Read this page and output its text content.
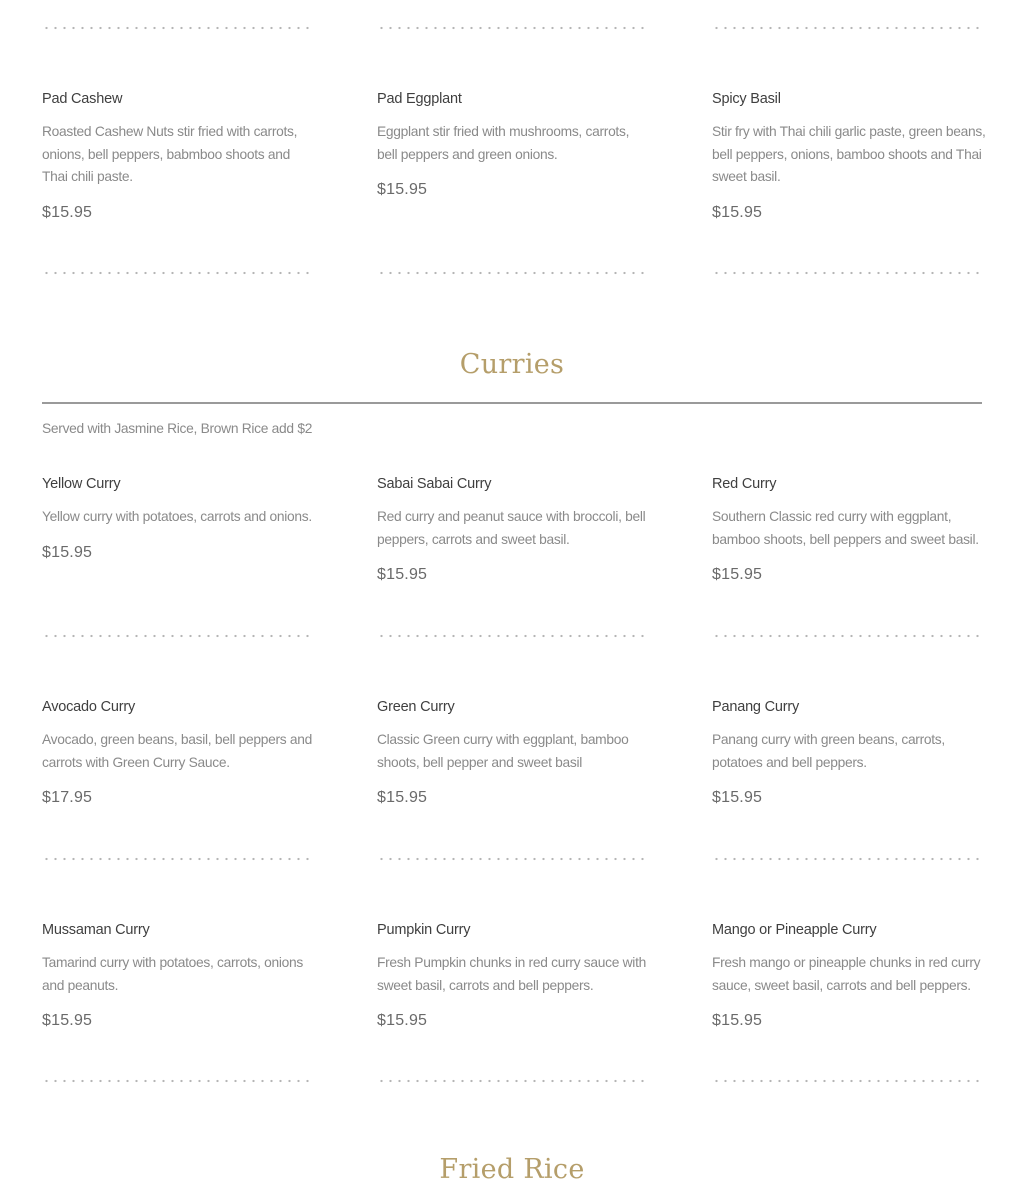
Pad Cashew

Roasted Cashew Nuts stir fried with carrots, onions, bell peppers, babmboo shoots and Thai chili paste.

$15.95

Pad Eggplant

Eggplant stir fried with mushrooms, carrots, bell peppers and green onions.

$15.95

Spicy Basil

Stir fry with Thai chili garlic paste, green beans, bell peppers, onions, bamboo shoots and Thai sweet basil.

$15.95

Curries

Served with Jasmine Rice, Brown Rice add $2

Yellow Curry

Yellow curry with potatoes, carrots and onions.

$15.95

Sabai Sabai Curry

Red curry and peanut sauce with broccoli, bell peppers, carrots and sweet basil.

$15.95

Red Curry

Southern Classic red curry with eggplant, bamboo shoots, bell peppers and sweet basil.

$15.95

Avocado Curry

Avocado, green beans, basil, bell peppers and carrots with Green Curry Sauce.

$17.95

Green Curry

Classic Green curry with eggplant, bamboo shoots, bell pepper and sweet basil

$15.95

Panang Curry

Panang curry with green beans, carrots, potatoes and bell peppers.

$15.95

Mussaman Curry

Tamarind curry with potatoes, carrots, onions and peanuts.

$15.95

Pumpkin Curry

Fresh Pumpkin chunks in red curry sauce with sweet basil, carrots and bell peppers.

$15.95

Mango or Pineapple Curry

Fresh mango or pineapple chunks in red curry sauce, sweet basil, carrots and bell peppers.

$15.95

Fried Rice
